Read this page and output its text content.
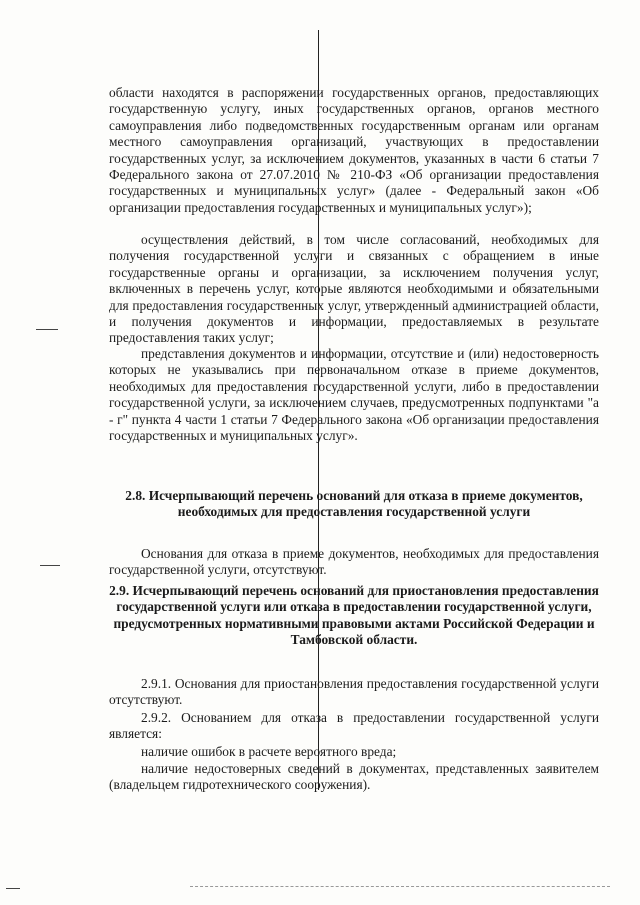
области находятся в распоряжении государственных органов, предоставляющих государственную услугу, иных государственных органов, органов местного самоуправления либо подведомственных государственным органам или органам местного самоуправления организаций, участвующих в предоставлении государственных услуг, за исключением документов, указанных в части 6 статьи 7 Федерального закона от 27.07.2010 № 210-ФЗ «Об организации предоставления государственных и муниципальных услуг» (далее - Федеральный закон «Об организации предоставления государственных и муниципальных услуг»);

осуществления действий, в том числе согласований, необходимых для получения государственной услуги и связанных с обращением в иные государственные органы и организации, за исключением получения услуг, включенных в перечень услуг, которые являются необходимыми и обязательными для предоставления государственных услуг, утвержденный администрацией области, и получения документов и информации, предоставляемых в результате предоставления таких услуг;

представления документов и информации, отсутствие и (или) недостоверность которых не указывались при первоначальном отказе в приеме документов, необходимых для предоставления государственной услуги, либо в предоставлении государственной услуги, за исключением случаев, предусмотренных подпунктами "а - г" пункта 4 части 1 статьи 7 Федерального закона «Об организации предоставления государственных и муниципальных услуг».

2.8. Исчерпывающий перечень оснований для отказа в приеме документов, необходимых для предоставления государственной услуги

Основания для отказа в приеме документов, необходимых для предоставления государственной услуги, отсутствуют.

2.9. Исчерпывающий перечень оснований для приостановления предоставления государственной услуги или отказа в предоставлении государственной услуги, предусмотренных нормативными правовыми актами Российской Федерации и Тамбовской области.

2.9.1. Основания для приостановления предоставления государственной услуги отсутствуют.

2.9.2. Основанием для отказа в предоставлении государственной услуги является:

наличие ошибок в расчете вероятного вреда;

наличие недостоверных сведений в документах, представленных заявителем (владельцем гидротехнического сооружения).
